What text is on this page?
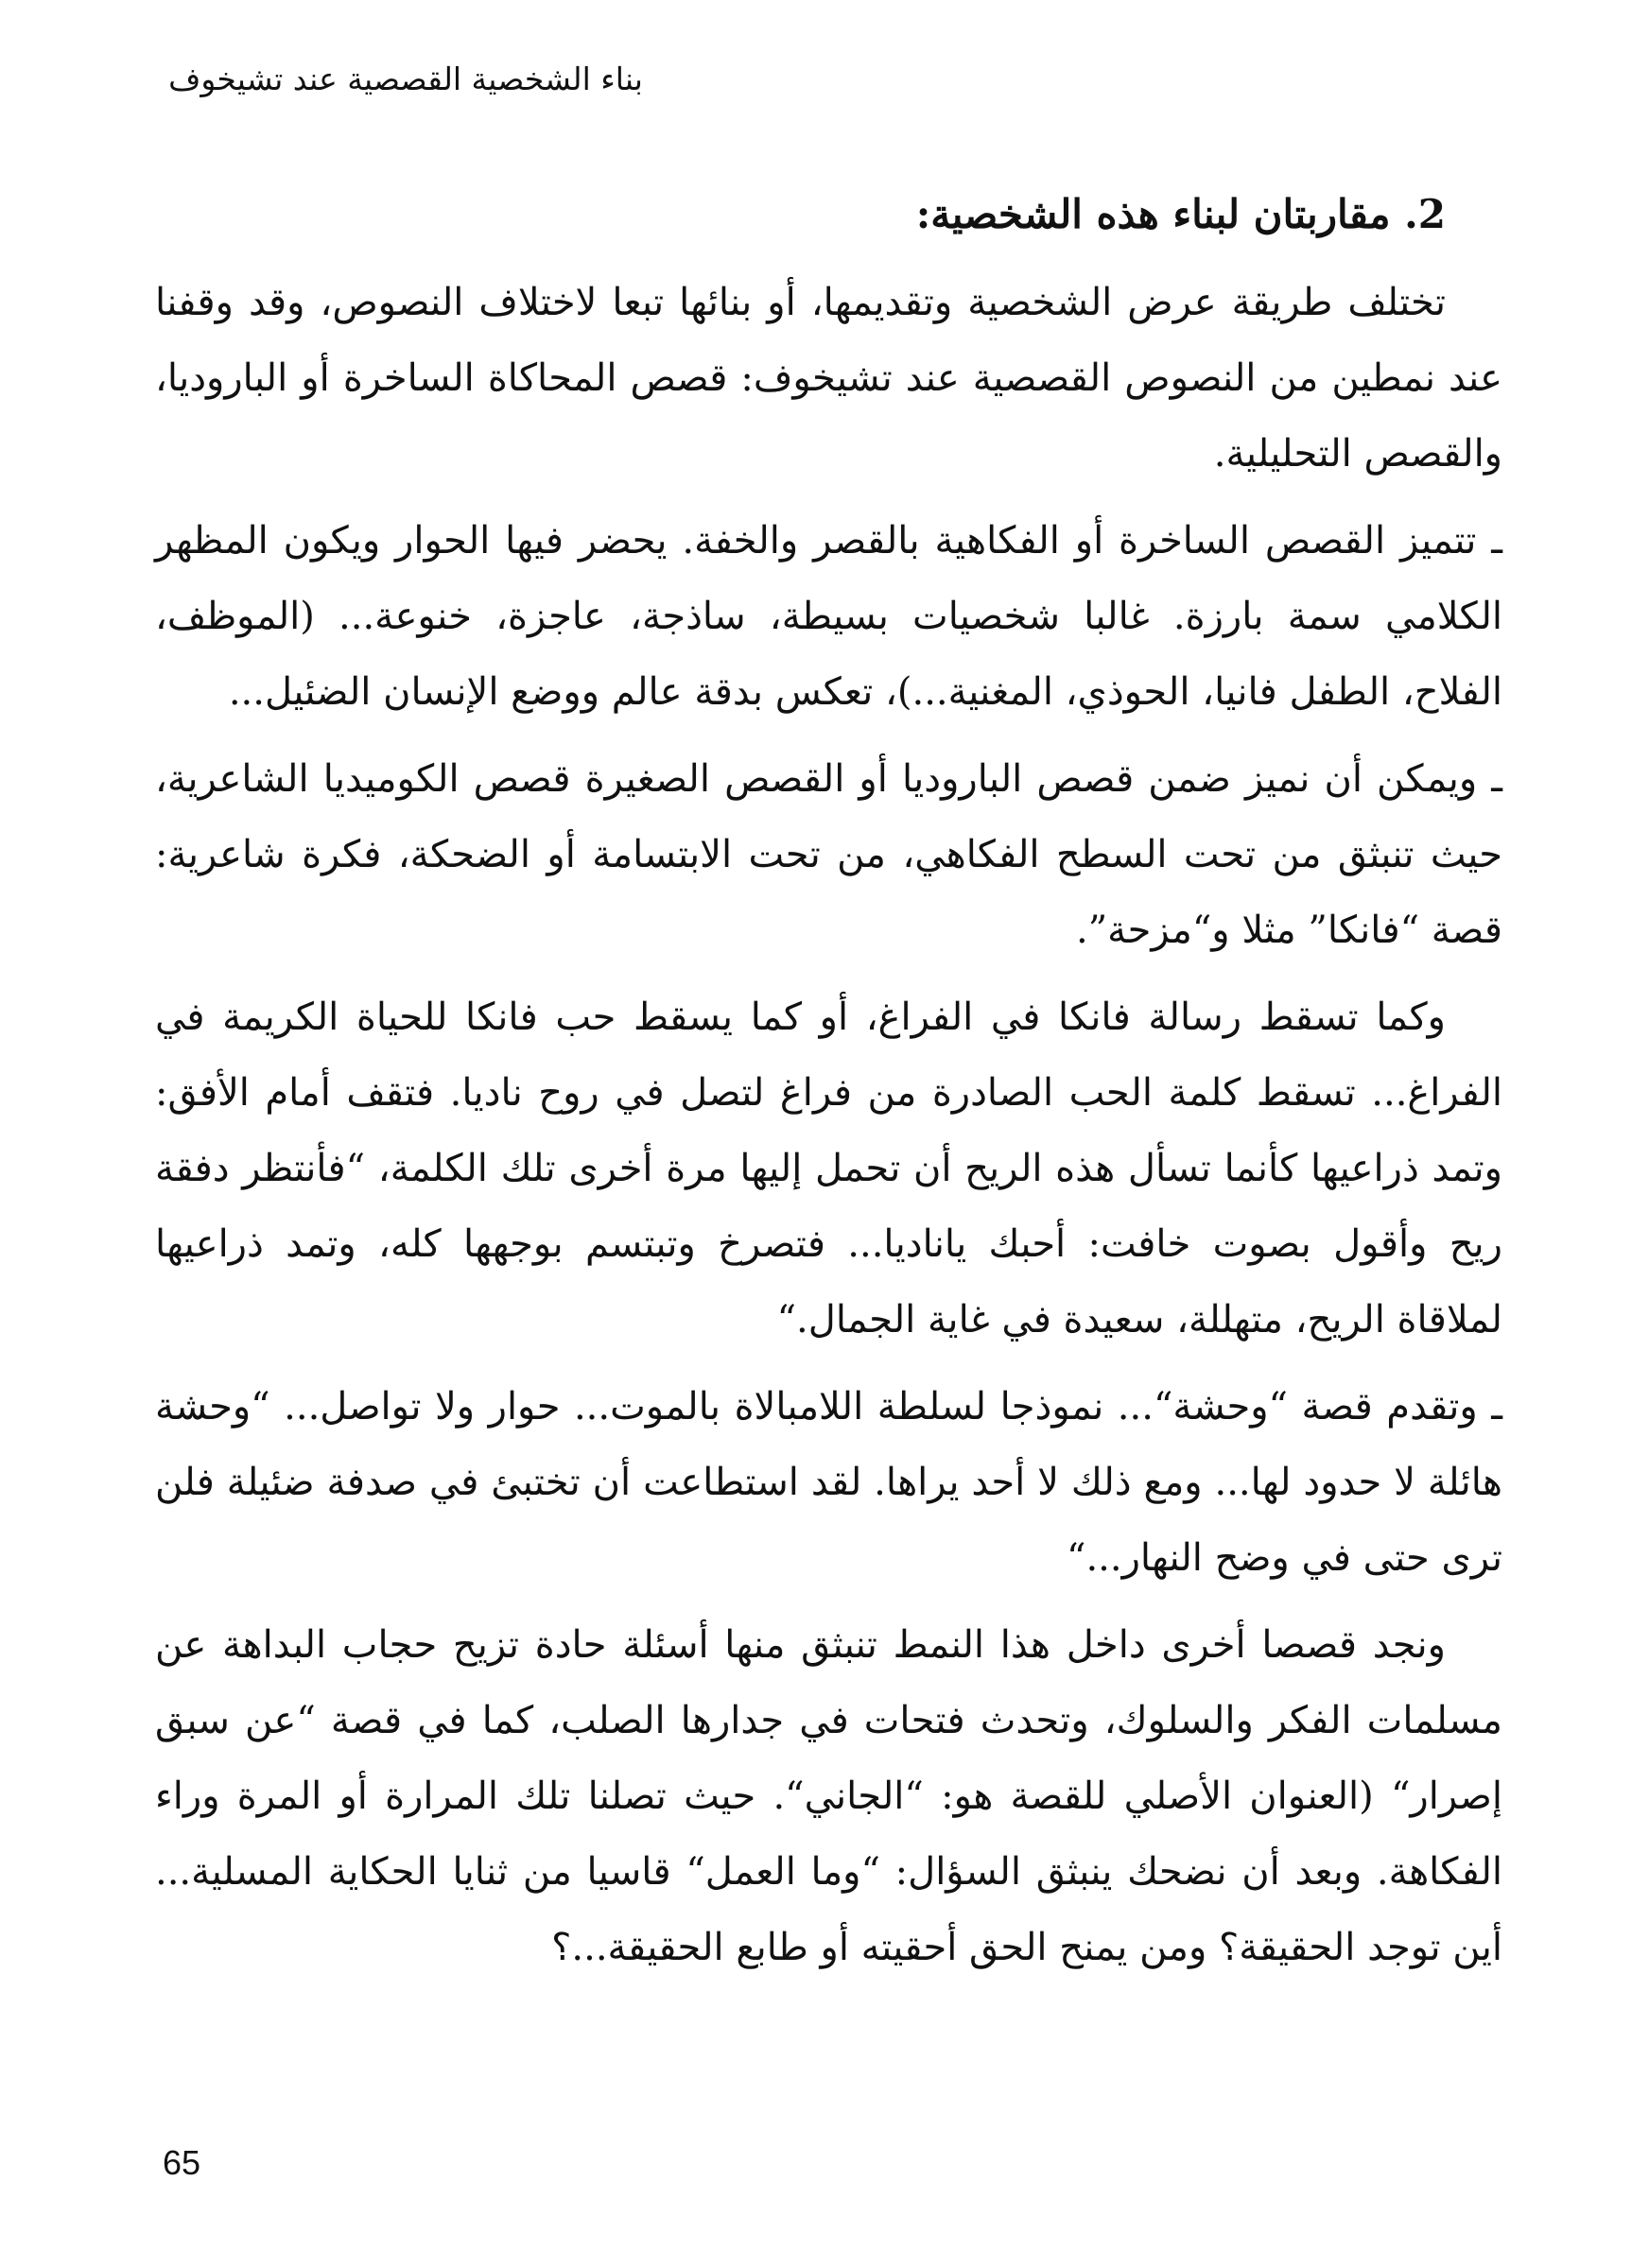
بناء الشخصية القصصية عند تشيخوف
2. مقاربتان لبناء هذه الشخصية:

تختلف طريقة عرض الشخصية وتقديمها، أو بنائها تبعا لاختلاف النصوص، وقد وقفنا عند نمطين من النصوص القصصية عند تشيخوف: قصص المحاكاة الساخرة أو الباروديا، والقصص التحليلية.

ـ تتميز القصص الساخرة أو الفكاهية بالقصر والخفة. يحضر فيها الحوار ويكون المظهر الكلامي سمة بارزة. غالبا شخصيات بسيطة، ساذجة، عاجزة، خنوعة... (الموظف، الفلاح، الطفل فانيا، الحوذي، المغنية...)، تعكس بدقة عالم ووضع الإنسان الضئيل...

ـ ويمكن أن نميز ضمن قصص الباروديا أو القصص الصغيرة قصص الكوميديا الشاعرية، حيث تنبثق من تحت السطح الفكاهي، من تحت الابتسامة أو الضحكة، فكرة شاعرية: قصة “فانكا” مثلا و“مزحة”.

وكما تسقط رسالة فانكا في الفراغ، أو كما يسقط حب فانكا للحياة الكريمة في الفراغ... تسقط كلمة الحب الصادرة من فراغ لتصل في روح ناديا. فتقف أمام الأفق: وتمد ذراعيها كأنما تسأل هذه الريح أن تحمل إليها مرة أخرى تلك الكلمة، “فأنتظر دفقة ريح وأقول بصوت خافت: أحبك ياناديا... فتصرخ وتبتسم بوجهها كله، وتمد ذراعيها لملاقاة الريح، متهللة، سعيدة في غاية الجمال.“

ـ وتقدم قصة “وحشة“... نموذجا لسلطة اللامبالاة بالموت... حوار ولا تواصل... “وحشة هائلة لا حدود لها... ومع ذلك لا أحد يراها. لقد استطاعت أن تختبئ في صدفة ضئيلة فلن ترى حتى في وضح النهار...“

ونجد قصصا أخرى داخل هذا النمط تنبثق منها أسئلة حادة تزيح حجاب البداهة عن مسلمات الفكر والسلوك، وتحدث فتحات في جدارها الصلب، كما في قصة “عن سبق إصرار“ (العنوان الأصلي للقصة هو: “الجاني“. حيث تصلنا تلك المرارة أو المرة وراء الفكاهة. وبعد أن نضحك ينبثق السؤال: “وما العمل“ قاسيا من ثنايا الحكاية المسلية... أين توجد الحقيقة؟ ومن يمنح الحق أحقيته أو طابع الحقيقة...؟

65
